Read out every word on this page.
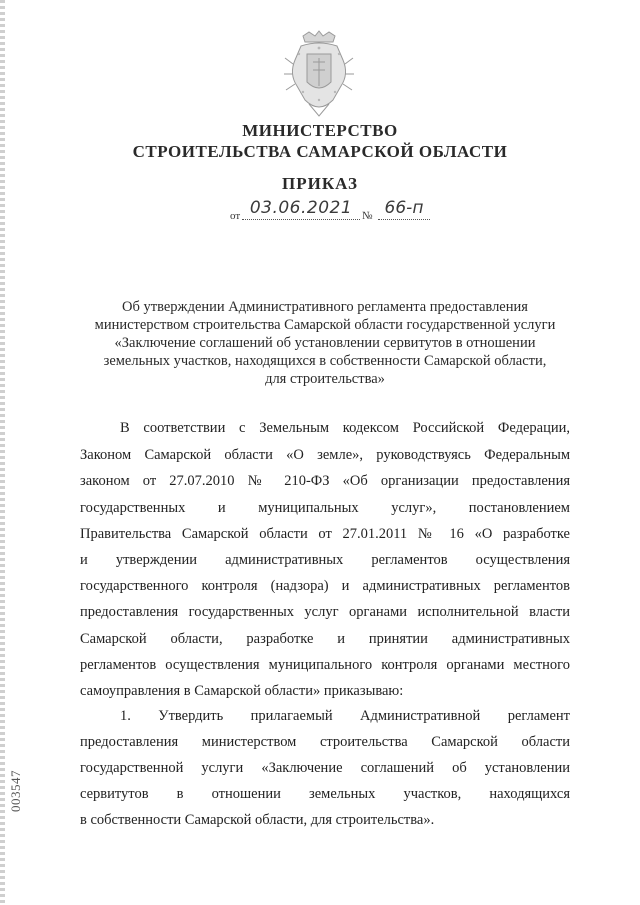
МИНИСТЕРСТВО
СТРОИТЕЛЬСТВА САМАРСКОЙ ОБЛАСТИ
ПРИКАЗ
от 03.06.2021 № 66-п
Об утверждении Административного регламента предоставления
министерством строительства Самарской области государственной услуги
«Заключение соглашений об установлении сервитутов в отношении
земельных участков, находящихся в собственности Самарской области,
для строительства»
В соответствии с Земельным кодексом Российской Федерации,
Законом Самарской области «О земле», руководствуясь Федеральным
законом от 27.07.2010 № 210-ФЗ «Об организации предоставления
государственных и муниципальных услуг», постановлением
Правительства Самарской области от 27.01.2011 № 16 «О разработке
и утверждении административных регламентов осуществления
государственного контроля (надзора) и административных регламентов
предоставления государственных услуг органами исполнительной власти
Самарской области, разработке и принятии административных
регламентов осуществления муниципального контроля органами местного
самоуправления в Самарской области» приказываю:
1. Утвердить прилагаемый Административной регламент
предоставления министерством строительства Самарской области
государственной услуги «Заключение соглашений об установлении
сервитутов в отношении земельных участков, находящихся
в собственности Самарской области, для строительства».
003547
